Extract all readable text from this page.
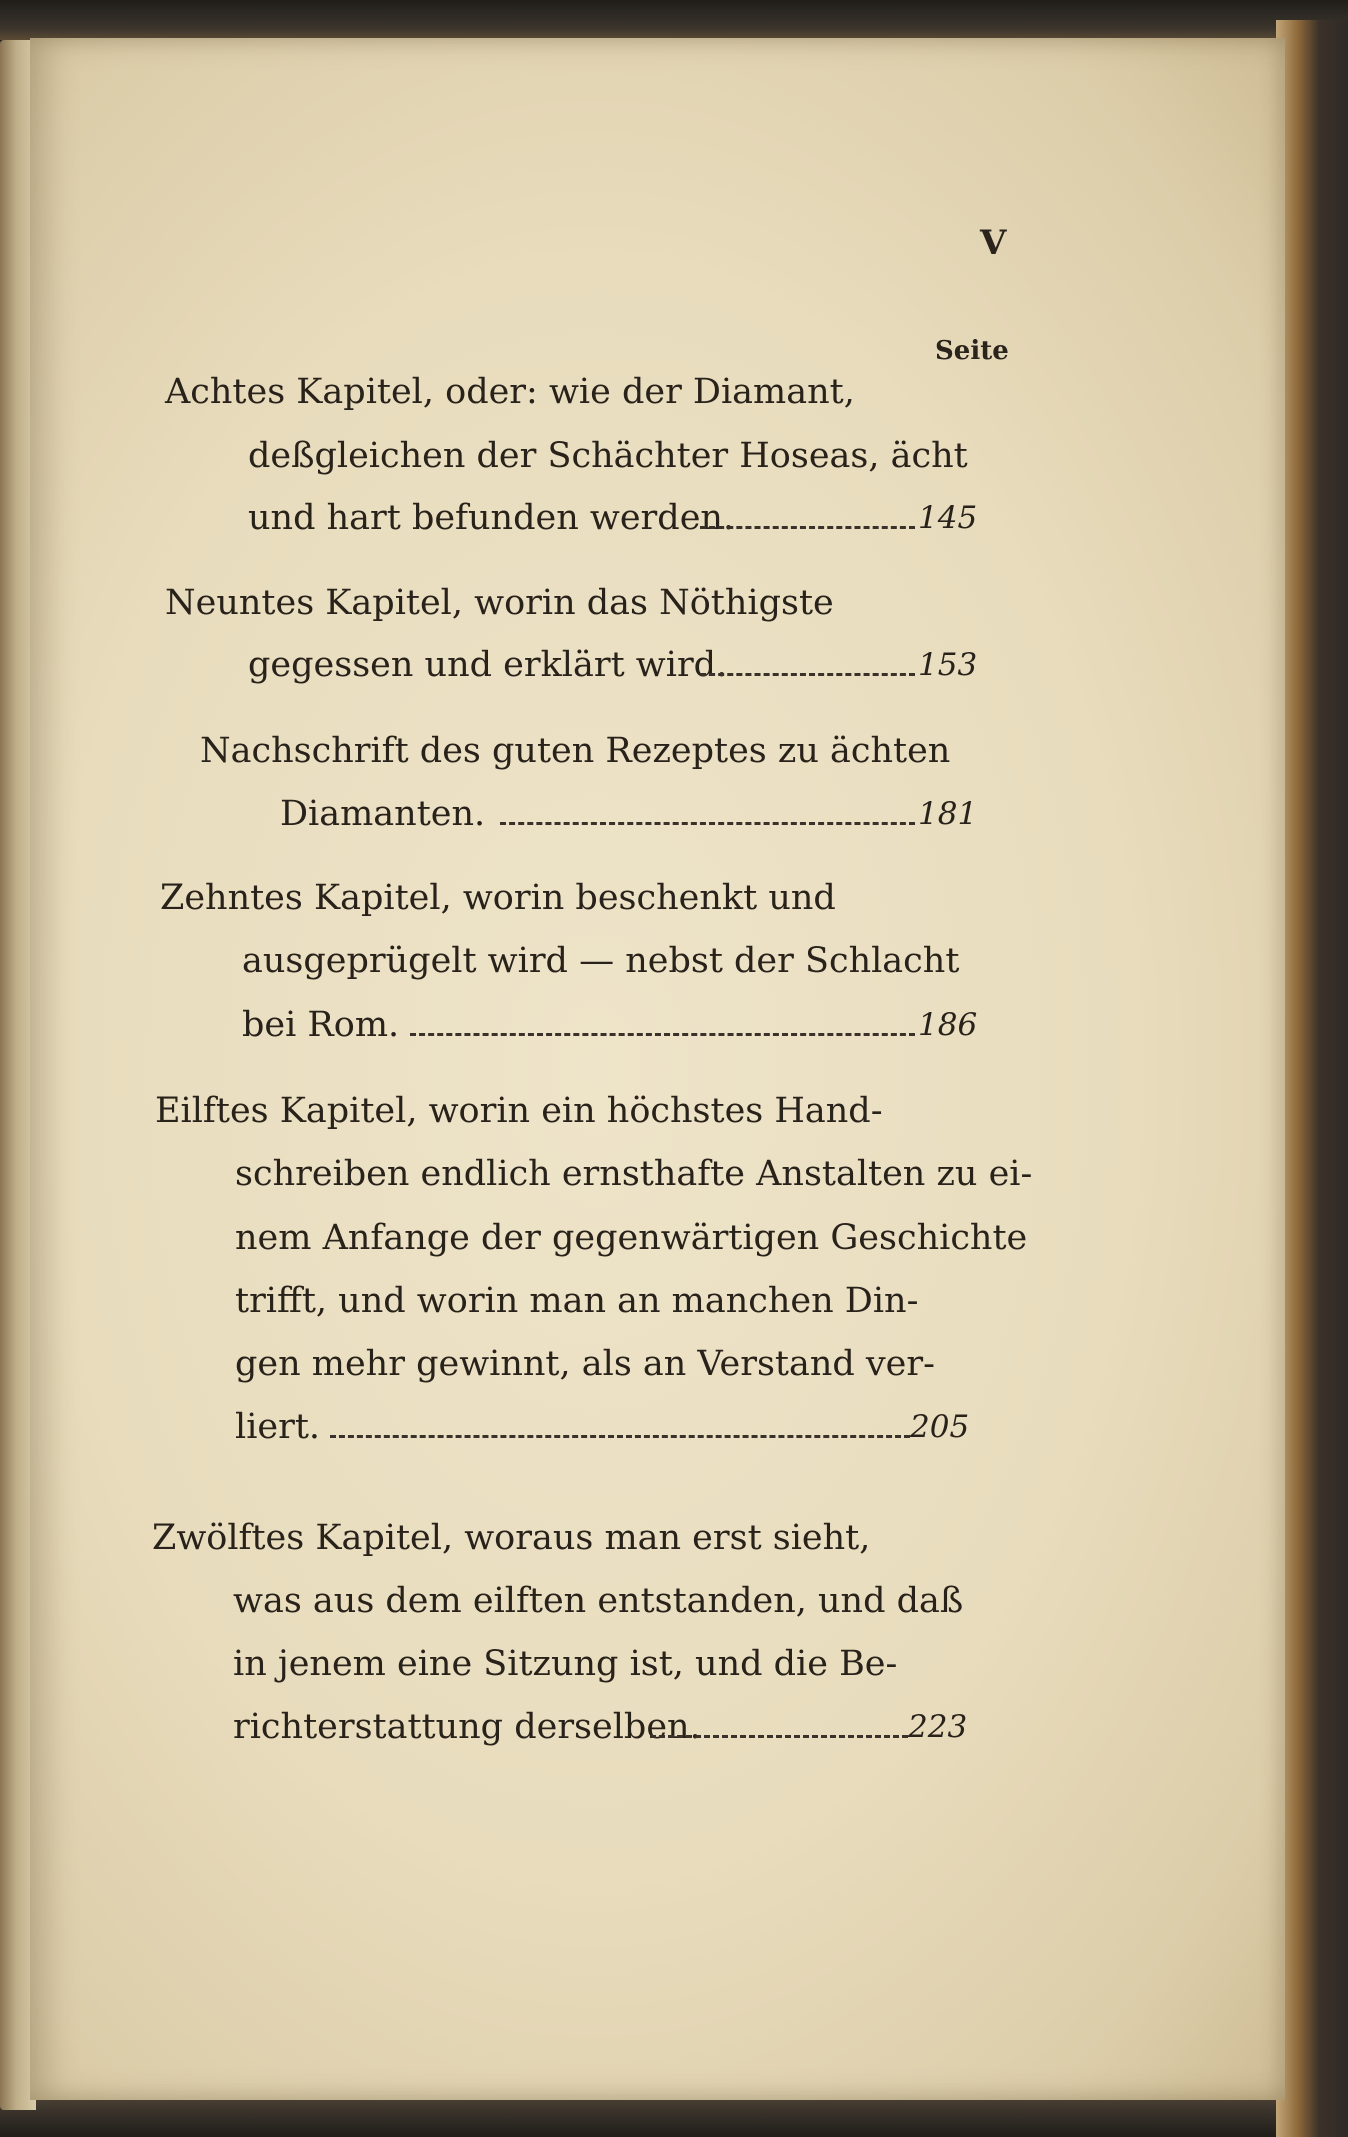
V
Seite
Achtes Kapitel, oder: wie der Diamant,
deßgleichen der Schächter Hoseas, ächt
und hart befunden werden.	145
Neuntes Kapitel, worin das Nöthigste
gegessen und erklärt wird.	153
Nachschrift des guten Rezeptes zu ächten
Diamanten.	181
Zehntes Kapitel, worin beschenkt und
ausgeprügelt wird — nebst der Schlacht
bei Rom.	186
Eilftes Kapitel, worin ein höchstes Hand-
schreiben endlich ernsthafte Anstalten zu ei-
nem Anfange der gegenwärtigen Geschichte
trifft, und worin man an manchen Din-
gen mehr gewinnt, als an Verstand ver-
liert.	205
Zwölftes Kapitel, woraus man erst sieht,
was aus dem eilften entstanden, und daß
in jenem eine Sitzung ist, und die Be-
richterstattung derselben.	223
